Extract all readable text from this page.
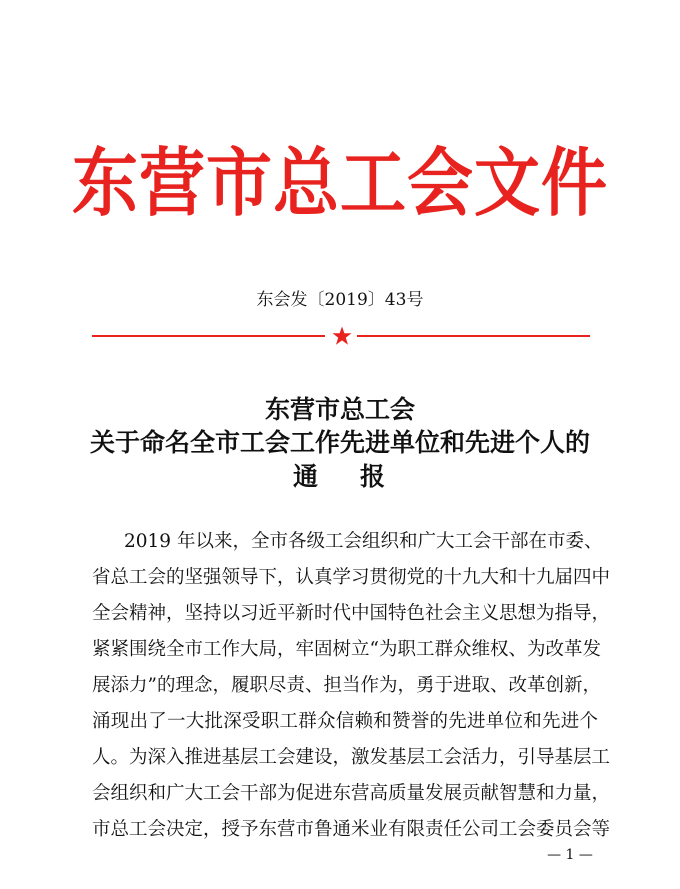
东营市总工会文件
东会发〔2019〕43号
东营市总工会
关于命名全市工会工作先进单位和先进个人的
通 报
2019 年以来，全市各级工会组织和广大工会干部在市委、
省总工会的坚强领导下，认真学习贯彻党的十九大和十九届四中
全会精神，坚持以习近平新时代中国特色社会主义思想为指导，
紧紧围绕全市工作大局，牢固树立“为职工群众维权、为改革发
展添力”的理念，履职尽责、担当作为，勇于进取、改革创新，
涌现出了一大批深受职工群众信赖和赞誉的先进单位和先进个
人。为深入推进基层工会建设，激发基层工会活力，引导基层工
会组织和广大工会干部为促进东营高质量发展贡献智慧和力量，
市总工会决定，授予东营市鲁通米业有限责任公司工会委员会等
— 1 —
